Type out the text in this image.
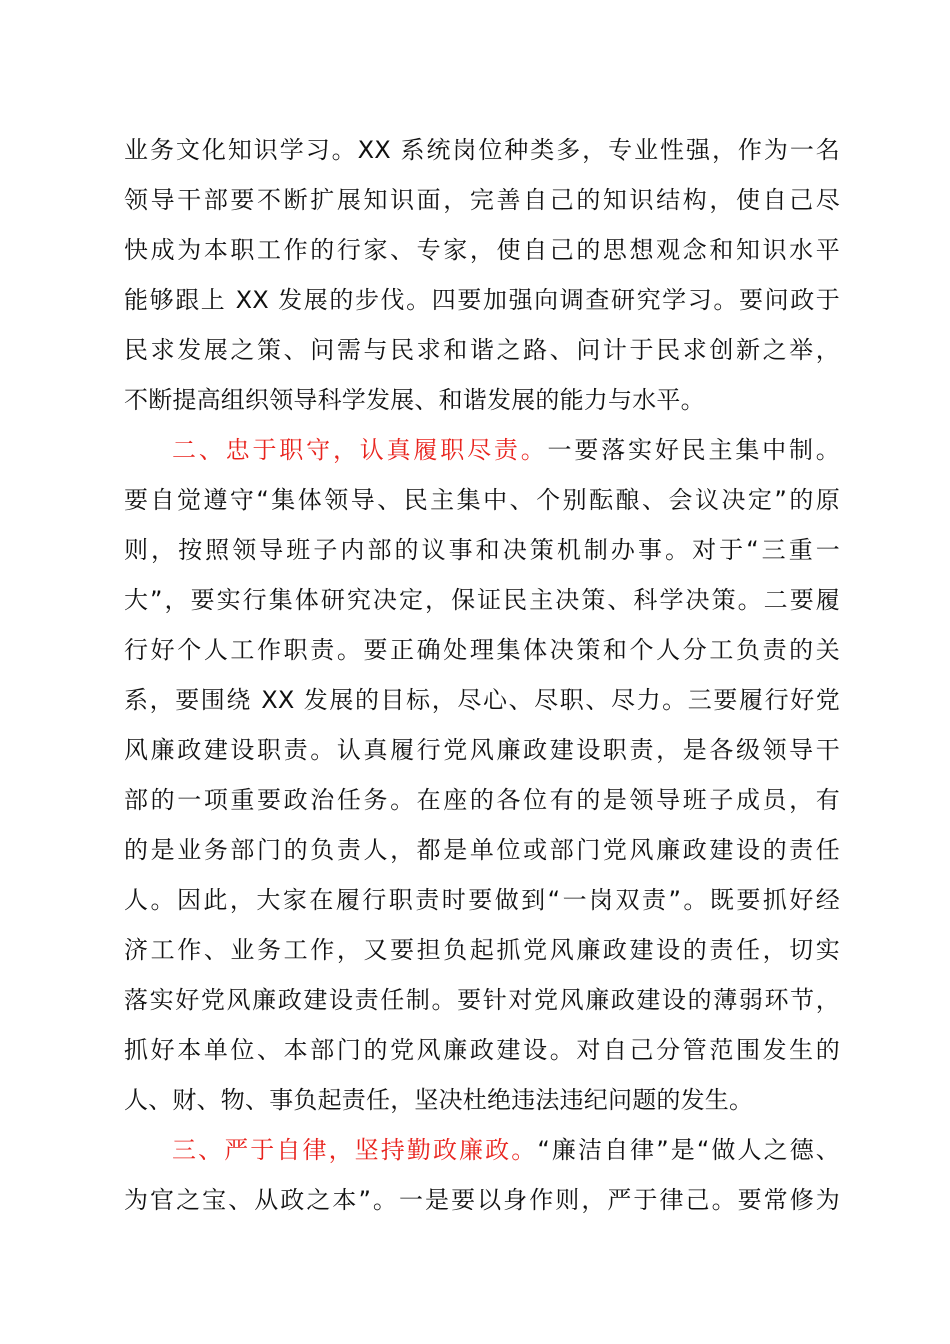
业务文化知识学习。XX 系统岗位种类多，专业性强，作为一名
领导干部要不断扩展知识面，完善自己的知识结构，使自己尽
快成为本职工作的行家、专家，使自己的思想观念和知识水平
能够跟上 XX 发展的步伐。四要加强向调查研究学习。要问政于
民求发展之策、问需与民求和谐之路、问计于民求创新之举，
不断提高组织领导科学发展、和谐发展的能力与水平。
二、忠于职守，认真履职尽责。一要落实好民主集中制。
要自觉遵守“集体领导、民主集中、个别酝酿、会议决定”的原
则，按照领导班子内部的议事和决策机制办事。对于“三重一
大”，要实行集体研究决定，保证民主决策、科学决策。二要履
行好个人工作职责。要正确处理集体决策和个人分工负责的关
系，要围绕 XX 发展的目标，尽心、尽职、尽力。三要履行好党
风廉政建设职责。认真履行党风廉政建设职责，是各级领导干
部的一项重要政治任务。在座的各位有的是领导班子成员，有
的是业务部门的负责人，都是单位或部门党风廉政建设的责任
人。因此，大家在履行职责时要做到“一岗双责”。既要抓好经
济工作、业务工作，又要担负起抓党风廉政建设的责任，切实
落实好党风廉政建设责任制。要针对党风廉政建设的薄弱环节，
抓好本单位、本部门的党风廉政建设。对自己分管范围发生的
人、财、物、事负起责任，坚决杜绝违法违纪问题的发生。
三、严于自律，坚持勤政廉政。“廉洁自律”是“做人之德、
为官之宝、从政之本”。一是要以身作则，严于律己。要常修为
